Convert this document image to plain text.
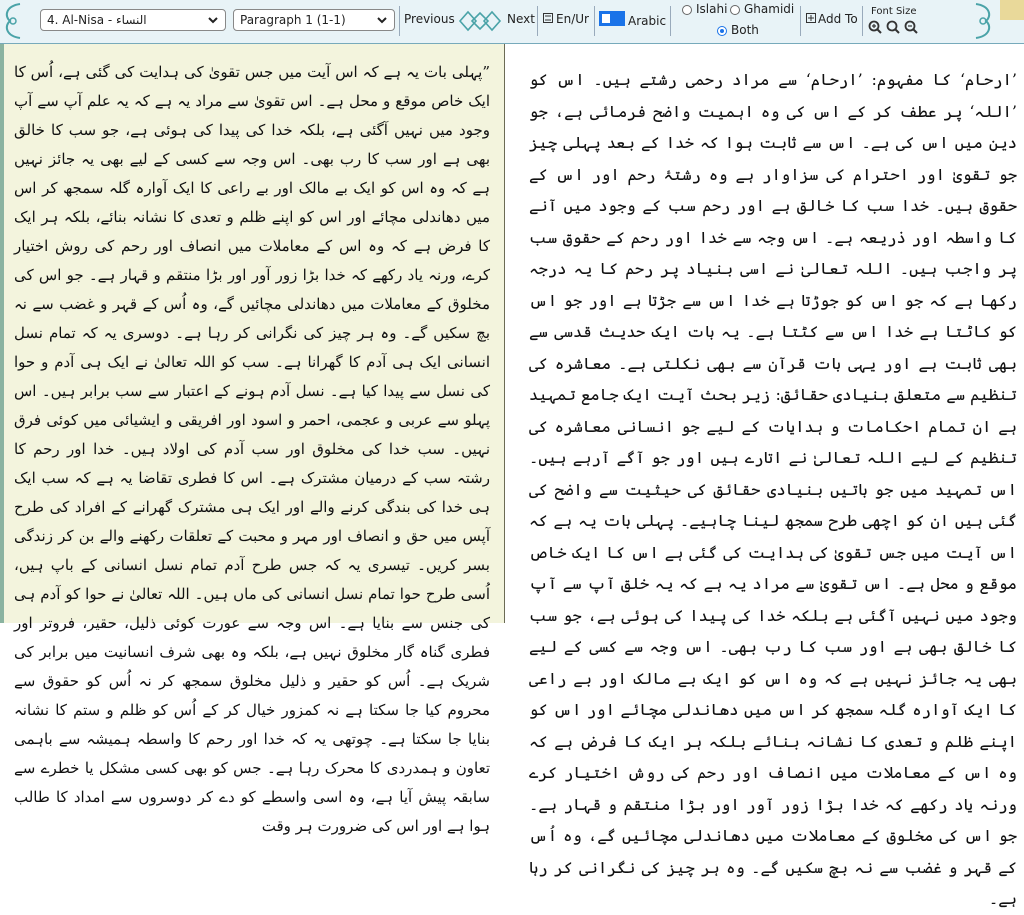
4. Al-Nisa - النساء	Paragraph 1 (1-1)	Previous	Next En/Ur	Arabic
Islahi Ghamidi
Both
Add To
Font Size
”پہلی بات یہ ہے کہ اس آیت میں جس تقویٰ کی ہدایت کی گئی ہے، اُس کا ایک خاص موقع و محل ہے۔ اس تقویٰ سے مراد یہ ہے کہ یہ علم آپ سے آپ وجود میں نہیں آگئی ہے، بلکہ خدا کی پیدا کی ہوئی ہے، جو سب کا خالق بھی ہے اور سب کا رب بھی۔ اس وجہ سے کسی کے لیے بھی یہ جائز نہیں ہے کہ وہ اس کو ایک بے مالک اور بے راعی کا ایک آوارہ گلہ سمجھ کر اس میں دھاندلی مچائے اور اس کو اپنے ظلم و تعدی کا نشانہ بنائے، بلکہ ہر ایک کا فرض ہے کہ وہ اس کے معاملات میں انصاف اور رحم کی روش اختیار کرے، ورنہ یاد رکھے کہ خدا بڑا زور آور اور بڑا منتقم و قہار ہے۔ جو اس کی مخلوق کے معاملات میں دھاندلی مچائیں گے، وہ اُس کے قہر و غضب سے نہ بچ سکیں گے۔ وہ ہر چیز کی نگرانی کر رہا ہے۔ دوسری یہ کہ تمام نسل انسانی ایک ہی آدم کا گھرانا ہے۔ سب کو اللہ تعالیٰ نے ایک ہی آدم و حوا کی نسل سے پیدا کیا ہے۔ نسل آدم ہونے کے اعتبار سے سب برابر ہیں۔ اس پہلو سے عربی و عجمی، احمر و اسود اور افریقی و ایشیائی میں کوئی فرق نہیں۔ سب خدا کی مخلوق اور سب آدم کی اولاد ہیں۔ خدا اور رحم کا رشتہ سب کے درمیان مشترک ہے۔ اس کا فطری تقاضا یہ ہے کہ سب ایک ہی خدا کی بندگی کرنے والے اور ایک ہی مشترک گھرانے کے افراد کی طرح آپس میں حق و انصاف اور مہر و محبت کے تعلقات رکھنے والے بن کر زندگی بسر کریں۔ تیسری یہ کہ جس طرح آدم تمام نسل انسانی کے باپ ہیں، اُسی طرح حوا تمام نسل انسانی کی ماں ہیں۔ اللہ تعالیٰ نے حوا کو آدم ہی کی جنس سے بنایا ہے۔ اس وجہ سے عورت کوئی ذلیل، حقیر، فروتر اور فطری گناہ گار مخلوق نہیں ہے، بلکہ وہ بھی شرف انسانیت میں برابر کی شریک ہے۔ اُس کو حقیر و ذلیل مخلوق سمجھ کر نہ اُس کو حقوق سے محروم کیا جا سکتا ہے نہ کمزور خیال کر کے اُس کو ظلم و ستم کا نشانہ بنایا جا سکتا ہے۔ چوتھی یہ کہ خدا اور رحم کا واسطہ ہمیشہ سے باہمی تعاون و ہمدردی کا محرک رہا ہے۔ جس کو بھی کسی مشکل یا خطرے سے سابقہ پیش آیا ہے، وہ اسی واسطے کو دے کر دوسروں سے امداد کا طالب ہوا ہے اور اس کی ضرورت ہر وقت
’ارحام‘ کا مفہوم: ’ارحام‘ سے مراد رحمی رشتے ہیں۔ اس کو ’اللہ‘ پر عطف کر کے اس کی وہ اہمیت واضح فرمائی ہے، جو دین میں اس کی ہے۔ اس سے ثابت ہوا کہ خدا کے بعد پہلی چیز جو تقویٰ اور احترام کی سزاوار ہے وہ رشتۂ رحم اور اس کے حقوق ہیں۔ خدا سب کا خالق ہے اور رحم سب کے وجود میں آنے کا واسطہ اور ذریعہ ہے۔ اس وجہ سے خدا اور رحم کے حقوق سب پر واجب ہیں۔ اللہ تعالیٰ نے اسی بنیاد پر رحم کا یہ درجہ رکھا ہے کہ جو اس کو جوڑتا ہے خدا اس سے جڑتا ہے اور جو اس کو کاٹتا ہے خدا اس سے کٹتا ہے۔ یہ بات ایک حدیث قدسی سے بھی ثابت ہے اور یہی بات قرآن سے بھی نکلتی ہے۔ معاشرہ کی تنظیم سے متعلق بنیادی حقائق: زیر بحث آیت ایک جامع تمہید ہے ان تمام احکامات و ہدایات کے لیے جو انسانی معاشرہ کی تنظیم کے لیے اللہ تعالیٰ نے اتارے ہیں اور جو آگے آرہے ہیں۔ اس تمہید میں جو باتیں بنیادی حقائق کی حیثیت سے واضح کی گئی ہیں ان کو اچھی طرح سمجھ لینا چاہیے۔ پہلی بات یہ ہے کہ اس آیت میں جس تقویٰ کی ہدایت کی گئی ہے اس کا ایک خاص موقع و محل ہے۔ اس تقویٰ سے مراد یہ ہے کہ یہ خلق آپ سے آپ وجود میں نہیں آگئی ہے بلکہ خدا کی پیدا کی ہوئی ہے، جو سب کا خالق بھی ہے اور سب کا رب بھی۔ اس وجہ سے کسی کے لیے بھی یہ جائز نہیں ہے کہ وہ اس کو ایک بے مالک اور بے راعی کا ایک آوارہ گلہ سمجھ کر اس میں دھاندلی مچائے اور اس کو اپنے ظلم و تعدی کا نشانہ بنائے بلکہ ہر ایک کا فرض ہے کہ وہ اس کے معاملات میں انصاف اور رحم کی روش اختیار کرے ورنہ یاد رکھے کہ خدا بڑا زور آور اور بڑا منتقم و قہار ہے۔ جو اس کی مخلوق کے معاملات میں دھاندلی مچائیں گے، وہ اُس کے قہر و غضب سے نہ بچ سکیں گے۔ وہ ہر چیز کی نگرانی کر رہا ہے۔
